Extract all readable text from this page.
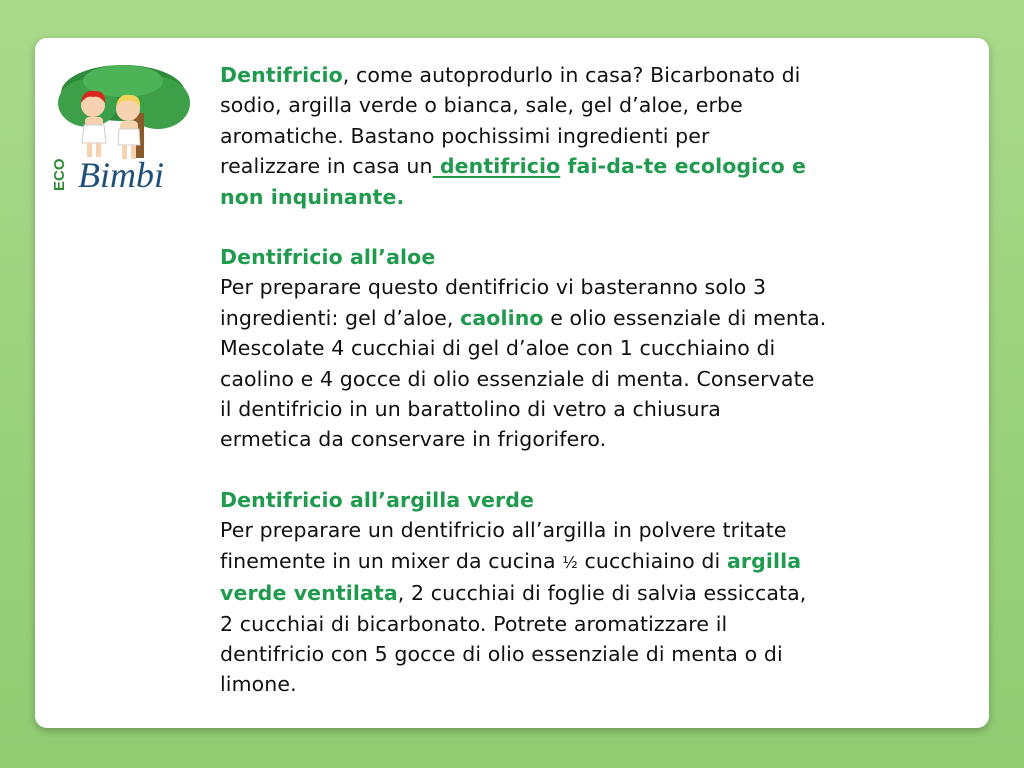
ECO Bimbi
Dentifricio, come autoprodurlo in casa? Bicarbonato di
sodio, argilla verde o bianca, sale, gel d’aloe, erbe
aromatiche. Bastano pochissimi ingredienti per
realizzare in casa un dentifricio fai-da-te ecologico e
non inquinante.
Dentifricio all’aloe
Per preparare questo dentifricio vi basteranno solo 3
ingredienti: gel d’aloe, caolino e olio essenziale di menta.
Mescolate 4 cucchiai di gel d’aloe con 1 cucchiaino di
caolino e 4 gocce di olio essenziale di menta. Conservate
il dentifricio in un barattolino di vetro a chiusura
ermetica da conservare in frigorifero.
Dentifricio all’argilla verde
Per preparare un dentifricio all’argilla in polvere tritate
finemente in un mixer da cucina ½ cucchiaino di argilla
verde ventilata, 2 cucchiai di foglie di salvia essiccata,
2 cucchiai di bicarbonato. Potrete aromatizzare il
dentifricio con 5 gocce di olio essenziale di menta o di
limone.
